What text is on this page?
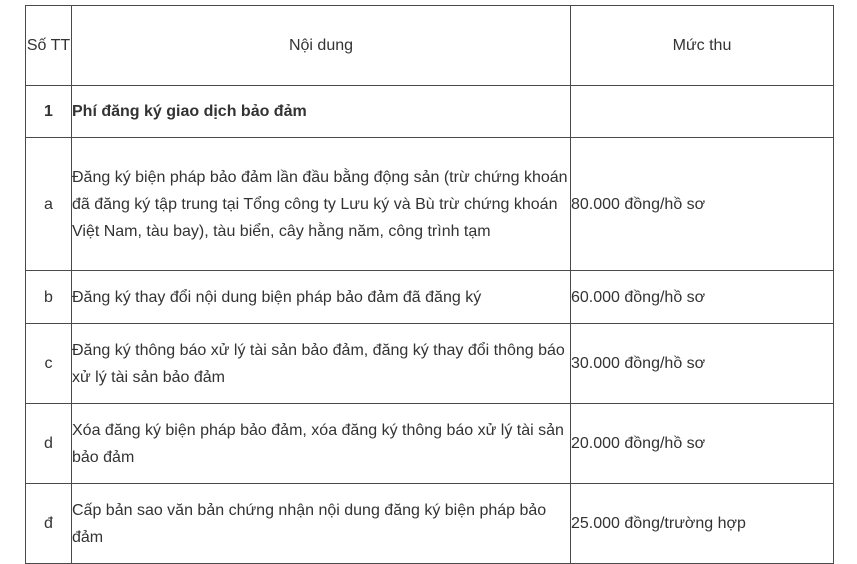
Số TT	Nội dung	Mức thu
1	Phí đăng ký giao dịch bảo đảm	
a	Đăng ký biện pháp bảo đảm lần đầu bằng động sản (trừ chứng khoán đã đăng ký tập trung tại Tổng công ty Lưu ký và Bù trừ chứng khoán Việt Nam, tàu bay), tàu biển, cây hằng năm, công trình tạm	80.000 đồng/hồ sơ
b	Đăng ký thay đổi nội dung biện pháp bảo đảm đã đăng ký	60.000 đồng/hồ sơ
c	Đăng ký thông báo xử lý tài sản bảo đảm, đăng ký thay đổi thông báo xử lý tài sản bảo đảm	30.000 đồng/hồ sơ
d	Xóa đăng ký biện pháp bảo đảm, xóa đăng ký thông báo xử lý tài sản bảo đảm	20.000 đồng/hồ sơ
đ	Cấp bản sao văn bản chứng nhận nội dung đăng ký biện pháp bảo đảm	25.000 đồng/trường hợp
